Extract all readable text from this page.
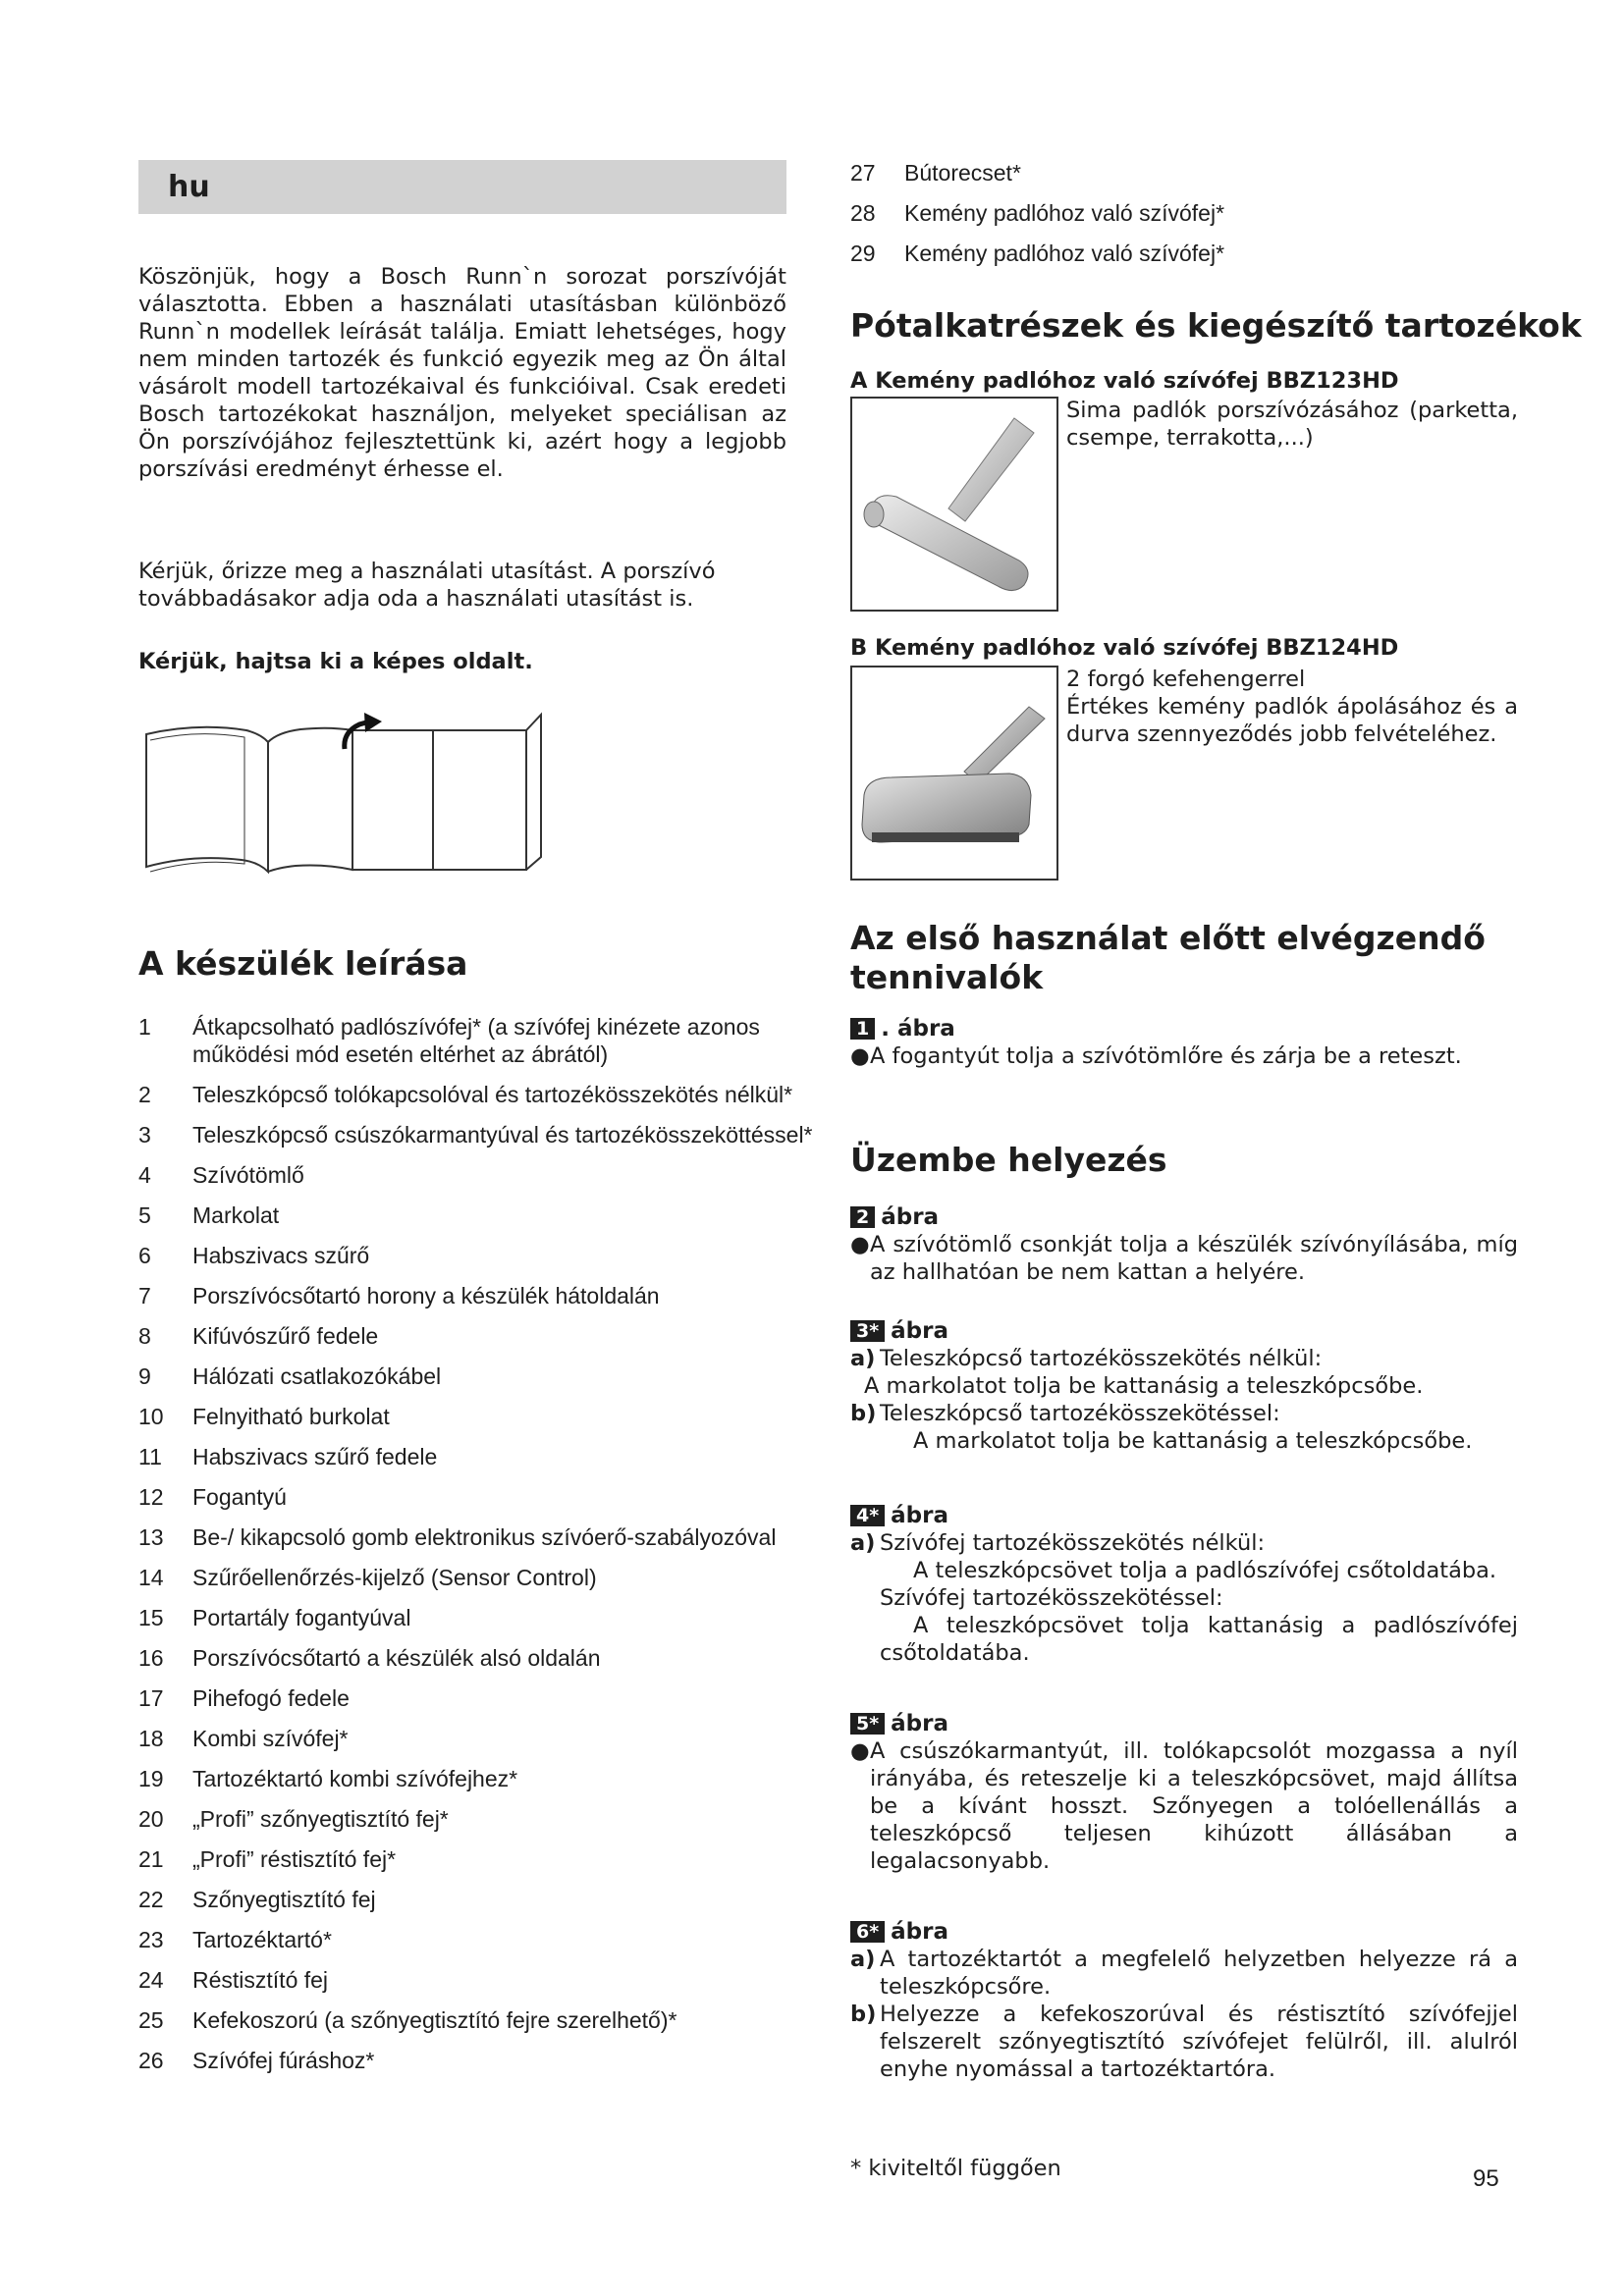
hu

Köszönjük, hogy a Bosch Runn`n sorozat porszívóját választotta. Ebben a használati utasításban különböző Runn`n modellek leírását találja. Emiatt lehetséges, hogy nem minden tartozék és funkció egyezik meg az Ön által vásárolt modell tartozékaival és funkcióival. Csak eredeti Bosch tartozékokat használjon, melyeket speciálisan az Ön porszívójához fejlesztettünk ki, azért hogy a legjobb porszívási eredményt érhesse el.

Kérjük, őrizze meg a használati utasítást. A porszívó továbbadásakor adja oda a használati utasítást is.

Kérjük, hajtsa ki a képes oldalt.

A készülék leírása
1	Átkapcsolható padlószívófej* (a szívófej kinézete azonos működési mód esetén eltérhet az ábrától)
2	Teleszkópcső tolókapcsolóval és tartozékösszekötés nélkül*
3	Teleszkópcső csúszókarmantyúval és tartozékösszeköttéssel*
4	Szívótömlő
5	Markolat
6	Habszivacs szűrő
7	Porszívócsőtartó horony a készülék hátoldalán
8	Kifúvószűrő fedele
9	Hálózati csatlakozókábel
10	Felnyitható burkolat
11	Habszivacs szűrő fedele
12	Fogantyú
13	Be-/ kikapcsoló gomb elektronikus szívóerő-szabályozóval
14	Szűrőellenőrzés-kijelző (Sensor Control)
15	Portartály fogantyúval
16	Porszívócsőtartó a készülék alsó oldalán
17	Pihefogó fedele
18	Kombi szívófej*
19	Tartozéktartó kombi szívófejhez*
20	„Profi” szőnyegtisztító fej*
21	„Profi” réstisztító fej*
22	Szőnyegtisztító fej
23	Tartozéktartó*
24	Réstisztító fej
25	Kefekoszorú (a szőnyegtisztító fejre szerelhető)*
26	Szívófej fúráshoz*
27	Bútorecset*
28	Kemény padlóhoz való szívófej*
29	Kemény padlóhoz való szívófej*
Pótalkatrészek és kiegészítő tartozékok
A Kemény padlóhoz való szívófej BBZ123HD

Sima padlók porszívózásához (parketta, csempe, terrakotta,...)

B Kemény padlóhoz való szívófej BBZ124HD

2 forgó kefehengerrel

Értékes kemény padlók ápolásához és a durva szennyeződés jobb felvételéhez.

Az első használat előtt elvégzendő tennivalók

1 . ábra

● A fogantyút tolja a szívótömlőre és zárja be a reteszt.

Üzembe helyezés

2 ábra

● A szívótömlő csonkját tolja a készülék szívónyílásába, míg az hallhatóan be nem kattan a helyére.

3* ábra

a) Teleszkópcső tartozékösszekötés nélkül:

A markolatot tolja be kattanásig a teleszkópcsőbe.

b) Teleszkópcső tartozékösszekötéssel:

A markolatot tolja be kattanásig a teleszkópcsőbe.

4* ábra

a) Szívófej tartozékösszekötés nélkül:

A teleszkópcsövet tolja a padlószívófej csőtoldatába.

Szívófej tartozékösszekötéssel:

A teleszkópcsövet tolja kattanásig a padlószívófej csőtoldatába.

5* ábra

● A csúszókarmantyút, ill. tolókapcsolót mozgassa a nyíl irányába, és reteszelje ki a teleszkópcsövet, majd állítsa be a kívánt hosszt. Szőnyegen a tolóellenállás a teleszkópcső teljesen kihúzott állásában a legalacsonyabb.

6* ábra

a) A tartozéktartót a megfelelő helyzetben helyezze rá a teleszkópcsőre.

b) Helyezze a kefekoszorúval és réstisztító szívófejjel felszerelt szőnyegtisztító szívófejet felülről, ill. alulról enyhe nyomással a tartozéktartóra.

* kiviteltől függően	95
